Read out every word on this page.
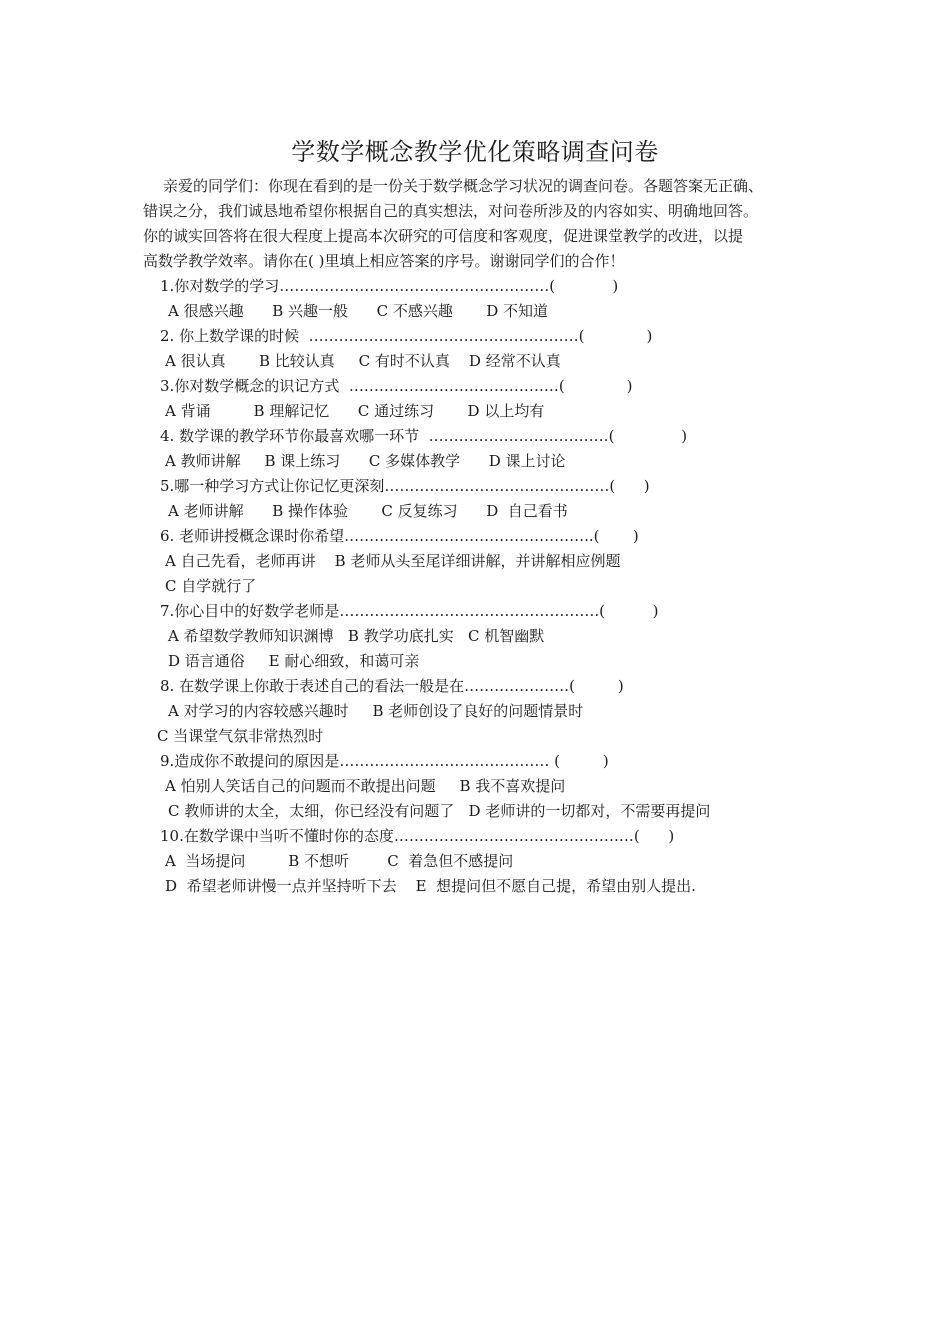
学数学概念教学优化策略调查问卷

亲爱的同学们：你现在看到的是一份关于数学概念学习状况的调查问卷。各题答案无正确、

错误之分，我们诚恳地希望你根据自己的真实想法，对问卷所涉及的内容如实、明确地回答。

你的诚实回答将在很大程度上提高本次研究的可信度和客观度，促进课堂教学的改进，以提

高数学教学效率。请你在( )里填上相应答案的序号。谢谢同学们的合作！

1.你对数学的学习………………………………………………(            )
A 很感兴趣      B 兴趣一般      C 不感兴趣       D 不知道
2. 你上数学课的时候  ………………………………………………(             )
A 很认真       B 比较认真     C 有时不认真    D 经常不认真
3.你对数学概念的识记方式  ……………………………………(             )
A 背诵         B 理解记忆      C 通过练习       D 以上均有
4. 数学课的教学环节你最喜欢哪一环节  ………………………………(              )
A 教师讲解     B 课上练习      C 多媒体教学      D 课上讨论
5.哪一种学习方式让你记忆更深刻………………………………………(      )
A 老师讲解      B 操作体验       C 反复练习      D  自己看书
6. 老师讲授概念课时你希望…………………………………………..(       )
A 自己先看，老师再讲    B 老师从头至尾详细讲解，并讲解相应例题
C 自学就行了
7.你心目中的好数学老师是…………………………………………….(          )
A 希望数学教师知识渊博   B 教学功底扎实   C 机智幽默
D 语言通俗     E 耐心细致，和蔼可亲
8. 在数学课上你敢于表述自己的看法一般是在…………………(         )
A 对学习的内容较感兴趣时     B 老师创设了良好的问题情景时
C 当课堂气氛非常热烈时
9.造成你不敢提问的原因是…………………………………… (         )
A 怕别人笑话自己的问题而不敢提出问题     B 我不喜欢提问
C 教师讲的太全，太细，你已经没有问题了   D 老师讲的一切都对，不需要再提问
10.在数学课中当听不懂时你的态度…………………………………………(      )
A  当场提问         B 不想听        C  着急但不感提问
D  希望老师讲慢一点并坚持听下去    E  想提问但不愿自己提，希望由别人提出.
